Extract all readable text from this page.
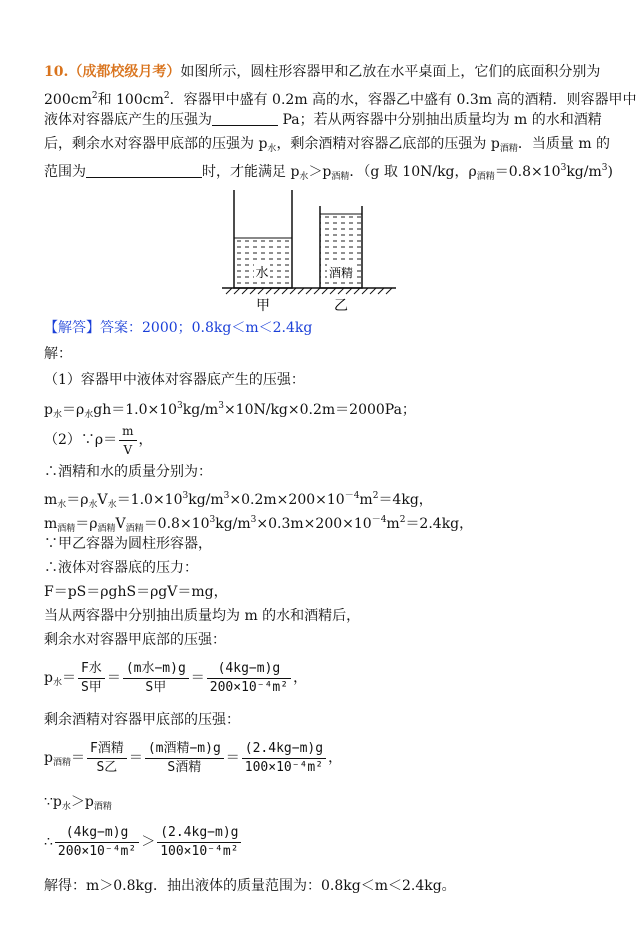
10.（成都校级月考）如图所示，圆柱形容器甲和乙放在水平桌面上，它们的底面积分别为
$200cm^2$和 $100cm^2$．容器甲中盛有 0.2m 高的水，容器乙中盛有 0.3m 高的酒精．则容器甲中
液体对容器底产生的压强为	Pa；若从两容器中分别抽出质量均为 m 的水和酒精
后，剩余水对容器甲底部的压强为 $p_水$，剩余酒精对容器乙底部的压强为 $p_{酒精}$．当质量 m 的
范围为	时，才能满足 $p_水>p_{酒精}$．（g 取 10N/kg，$\rho_{酒精}=0.8\times 10^3kg/m^3$)
水	酒精
甲	乙
【解答】答案：2000；0.8kg＜m＜2.4kg
解：
（1）容器甲中液体对容器底产生的压强：
$p_水=\rho_水gh=1.0\times 10^3kg/m^3\times 10N/kg\times 0.2m=2000Pa$；
（2）∵ρ＝ $\frac{m}{V}$ ，
∴酒精和水的质量分别为：
$m_水=\rho_水V_水=1.0\times 10^3kg/m^3\times 0.2m\times 200\times 10^{-4}m^2=4kg$，
$m_{酒精}=\rho_{酒精}V_{酒精}=0.8\times 10^3kg/m^3\times 0.3m\times 200\times 10^{-4}m^2=2.4kg$，
∵甲乙容器为圆柱形容器，
∴液体对容器底的压力：
F＝pS＝ρghS＝ρgV＝mg，
当从两容器中分别抽出质量均为 m 的水和酒精后，
剩余水对容器甲底部的压强：
$p_水= \frac{\text{F水}}{\text{S甲}} = \frac{\text{(m水−m)g}}{\text{S甲}} = \frac{(4kg-m)g}{\text{200×10⁻⁴m²}}$ ，
剩余酒精对容器甲底部的压强：
$p_{酒精}= \frac{\text{F酒精}}{\text{S乙}} = \frac{\text{(m酒精−m)g}}{\text{S酒精}} = \frac{(2.4kg-m)g}{\text{100×10⁻⁴m²}}$ ，
$\because p_水>p_{酒精}$
∴ $\frac{(4kg-m)g}{\text{200×10⁻⁴m²}} > \frac{(2.4kg-m)g}{\text{100×10⁻⁴m²}}$
解得：m＞0.8kg．抽出液体的质量范围为：0.8kg＜m＜2.4kg。
